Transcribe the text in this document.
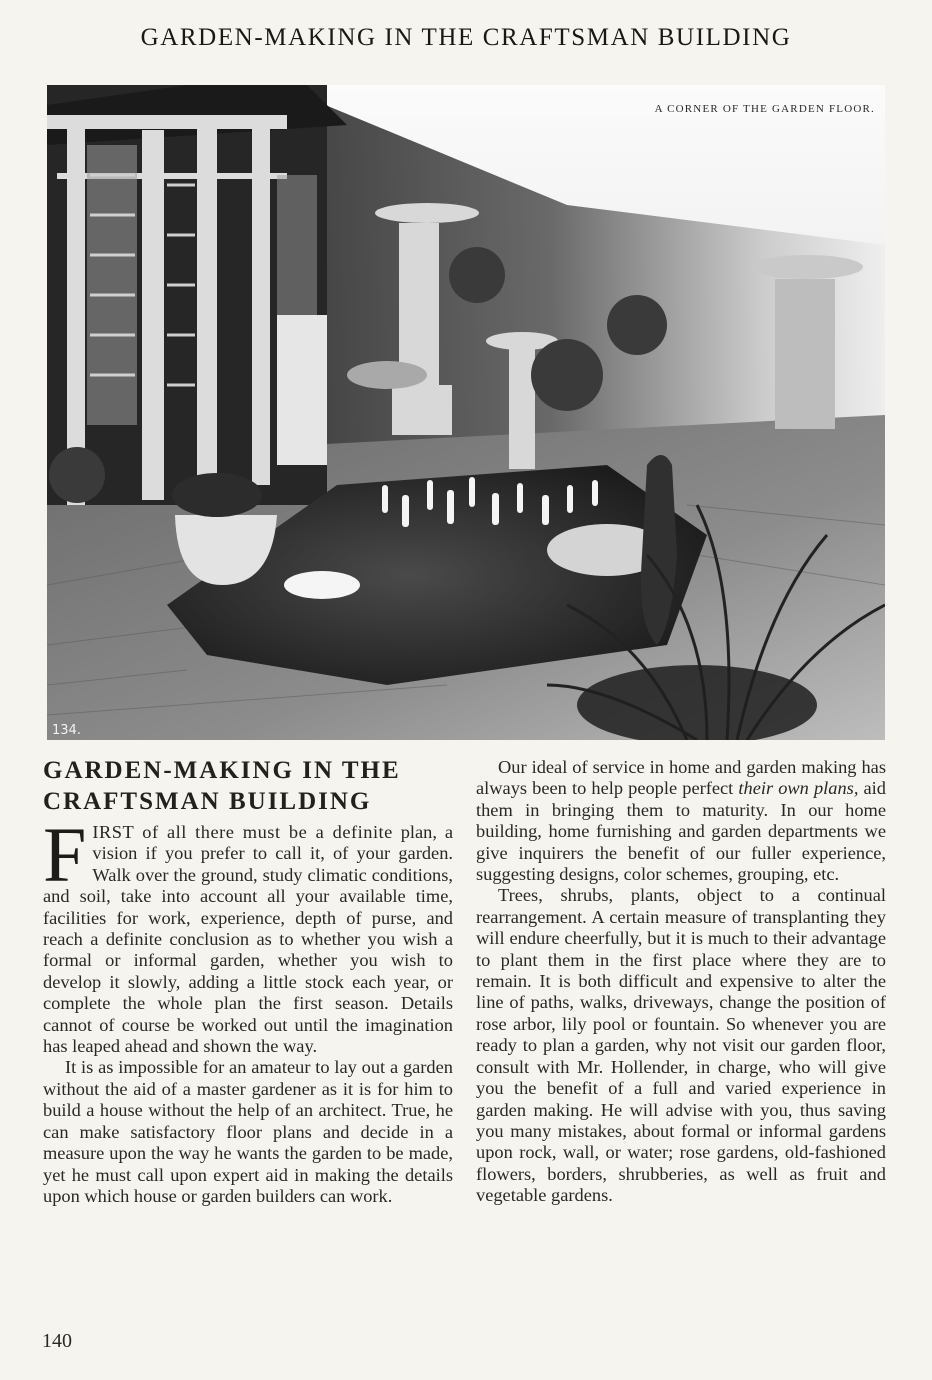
GARDEN-MAKING IN THE CRAFTSMAN BUILDING
A CORNER OF THE GARDEN FLOOR.
134.
GARDEN-MAKING IN THE
CRAFTSMAN BUILDING

FIRST of all there must be a definite plan, a vision if you prefer to call it, of your garden. Walk over the ground, study climatic conditions, and soil, take into account all your available time, facilities for work, experience, depth of purse, and reach a definite conclusion as to whether you wish a formal or informal garden, whether you wish to develop it slowly, adding a little stock each year, or complete the whole plan the first season. Details cannot of course be worked out until the imagination has leaped ahead and shown the way.

It is as impossible for an amateur to lay out a garden without the aid of a master gardener as it is for him to build a house without the help of an architect. True, he can make satisfactory floor plans and decide in a measure upon the way he wants the garden to be made, yet he must call upon expert aid in making the details upon which house or garden builders can work.

Our ideal of service in home and garden making has always been to help people perfect their own plans, aid them in bringing them to maturity. In our home building, home furnishing and garden departments we give inquirers the benefit of our fuller experience, suggesting designs, color schemes, grouping, etc.

Trees, shrubs, plants, object to a continual rearrangement. A certain measure of transplanting they will endure cheerfully, but it is much to their advantage to plant them in the first place where they are to remain. It is both difficult and expensive to alter the line of paths, walks, driveways, change the position of rose arbor, lily pool or fountain. So whenever you are ready to plan a garden, why not visit our garden floor, consult with Mr. Hollender, in charge, who will give you the benefit of a full and varied experience in garden making. He will advise with you, thus saving you many mistakes, about formal or informal gardens upon rock, wall, or water; rose gardens, old-fashioned flowers, borders, shrubberies, as well as fruit and vegetable gardens.

140
